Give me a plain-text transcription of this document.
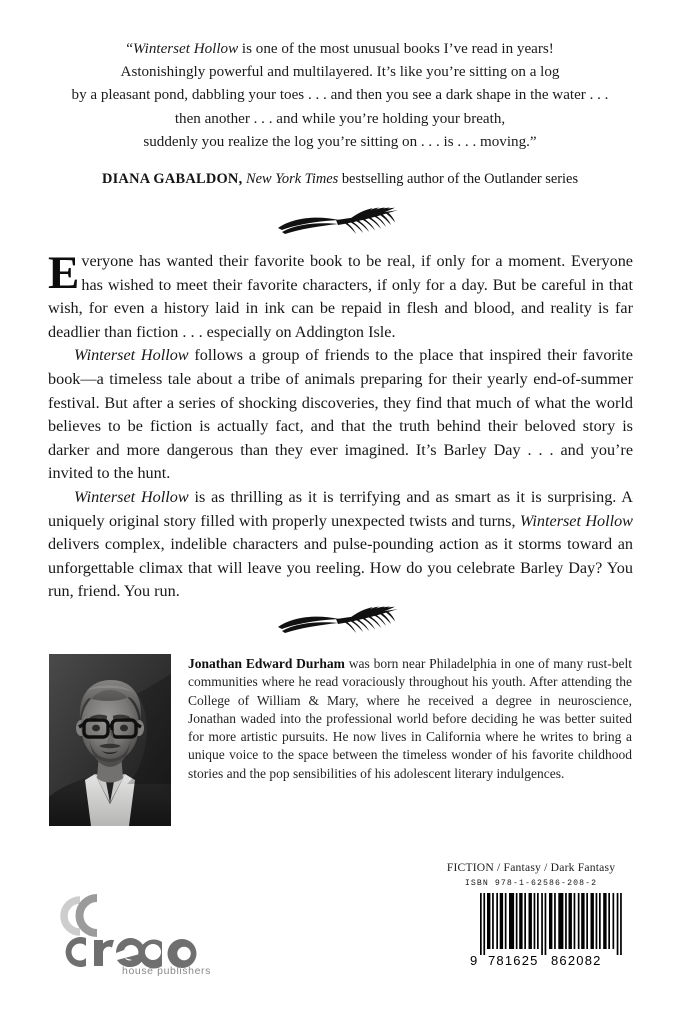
“Winterset Hollow is one of the most unusual books I’ve read in years!
Astonishingly powerful and multilayered. It’s like you’re sitting on a log
by a pleasant pond, dabbling your toes . . . and then you see a dark shape in the water . . .
then another . . . and while you’re holding your breath,
suddenly you realize the log you’re sitting on . . . is . . . moving.”
DIANA GABALDON, New York Times bestselling author of the Outlander series

Everyone has wanted their favorite book to be real, if only for a moment. Everyone has wished to meet their favorite characters, if only for a day. But be careful in that wish, for even a history laid in ink can be repaid in flesh and blood, and reality is far deadlier than fiction . . . especially on Addington Isle.

Winterset Hollow follows a group of friends to the place that inspired their favorite book—a timeless tale about a tribe of animals preparing for their yearly end-of-summer festival. But after a series of shocking discoveries, they find that much of what the world believes to be fiction is actually fact, and that the truth behind their beloved story is darker and more dangerous than they ever imagined. It’s Barley Day . . . and you’re invited to the hunt.

Winterset Hollow is as thrilling as it is terrifying and as smart as it is surprising. A uniquely original story filled with properly unexpected twists and turns, Winterset Hollow delivers complex, indelible characters and pulse-pounding action as it storms toward an unforgettable climax that will leave you reeling. How do you celebrate Barley Day? You run, friend. You run.

Jonathan Edward Durham was born near Philadelphia in one of many rust-belt communities where he read voraciously throughout his youth. After attending the College of William & Mary, where he received a degree in neuroscience, Jonathan waded into the professional world before deciding he was better suited for more artistic pursuits. He now lives in California where he writes to bring a unique voice to the space between the timeless wonder of his favorite childhood stories and the pop sensibilities of his adolescent literary indulgences.
FICTION / Fantasy / Dark Fantasy
ISBN 978-1-62586-208-2
9 781625 862082
house publishers
